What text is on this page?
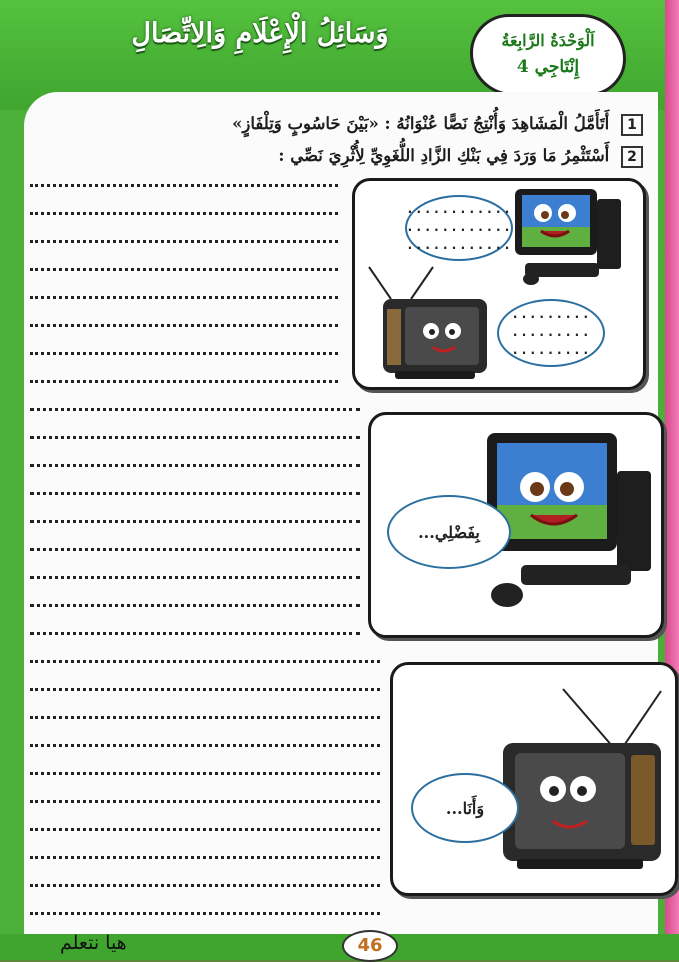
وَسَائِلُ الْإِعْلَامِ وَالِاتِّصَالِ	اَلْوَحْدَةُ الرَّابِعَةُ
إِنْتَاجِي 4
1 أَتَأَمَّلُ الْمَشَاهِدَ وَأُنْتِجُ نَصًّا عُنْوَانُهُ : «بَيْنَ حَاسُوبٍ وَتِلْفَازٍ»
2 أَسْتَثْمِرُ مَا وَرَدَ فِي بَنْكِ الزَّادِ اللُّغَوِيِّ لِأُثْرِيَ نَصِّي :
............
............
............
.........
.........
.........
بِفَضْلِي...
وَأَنَا...
هيا نتعلم	46
